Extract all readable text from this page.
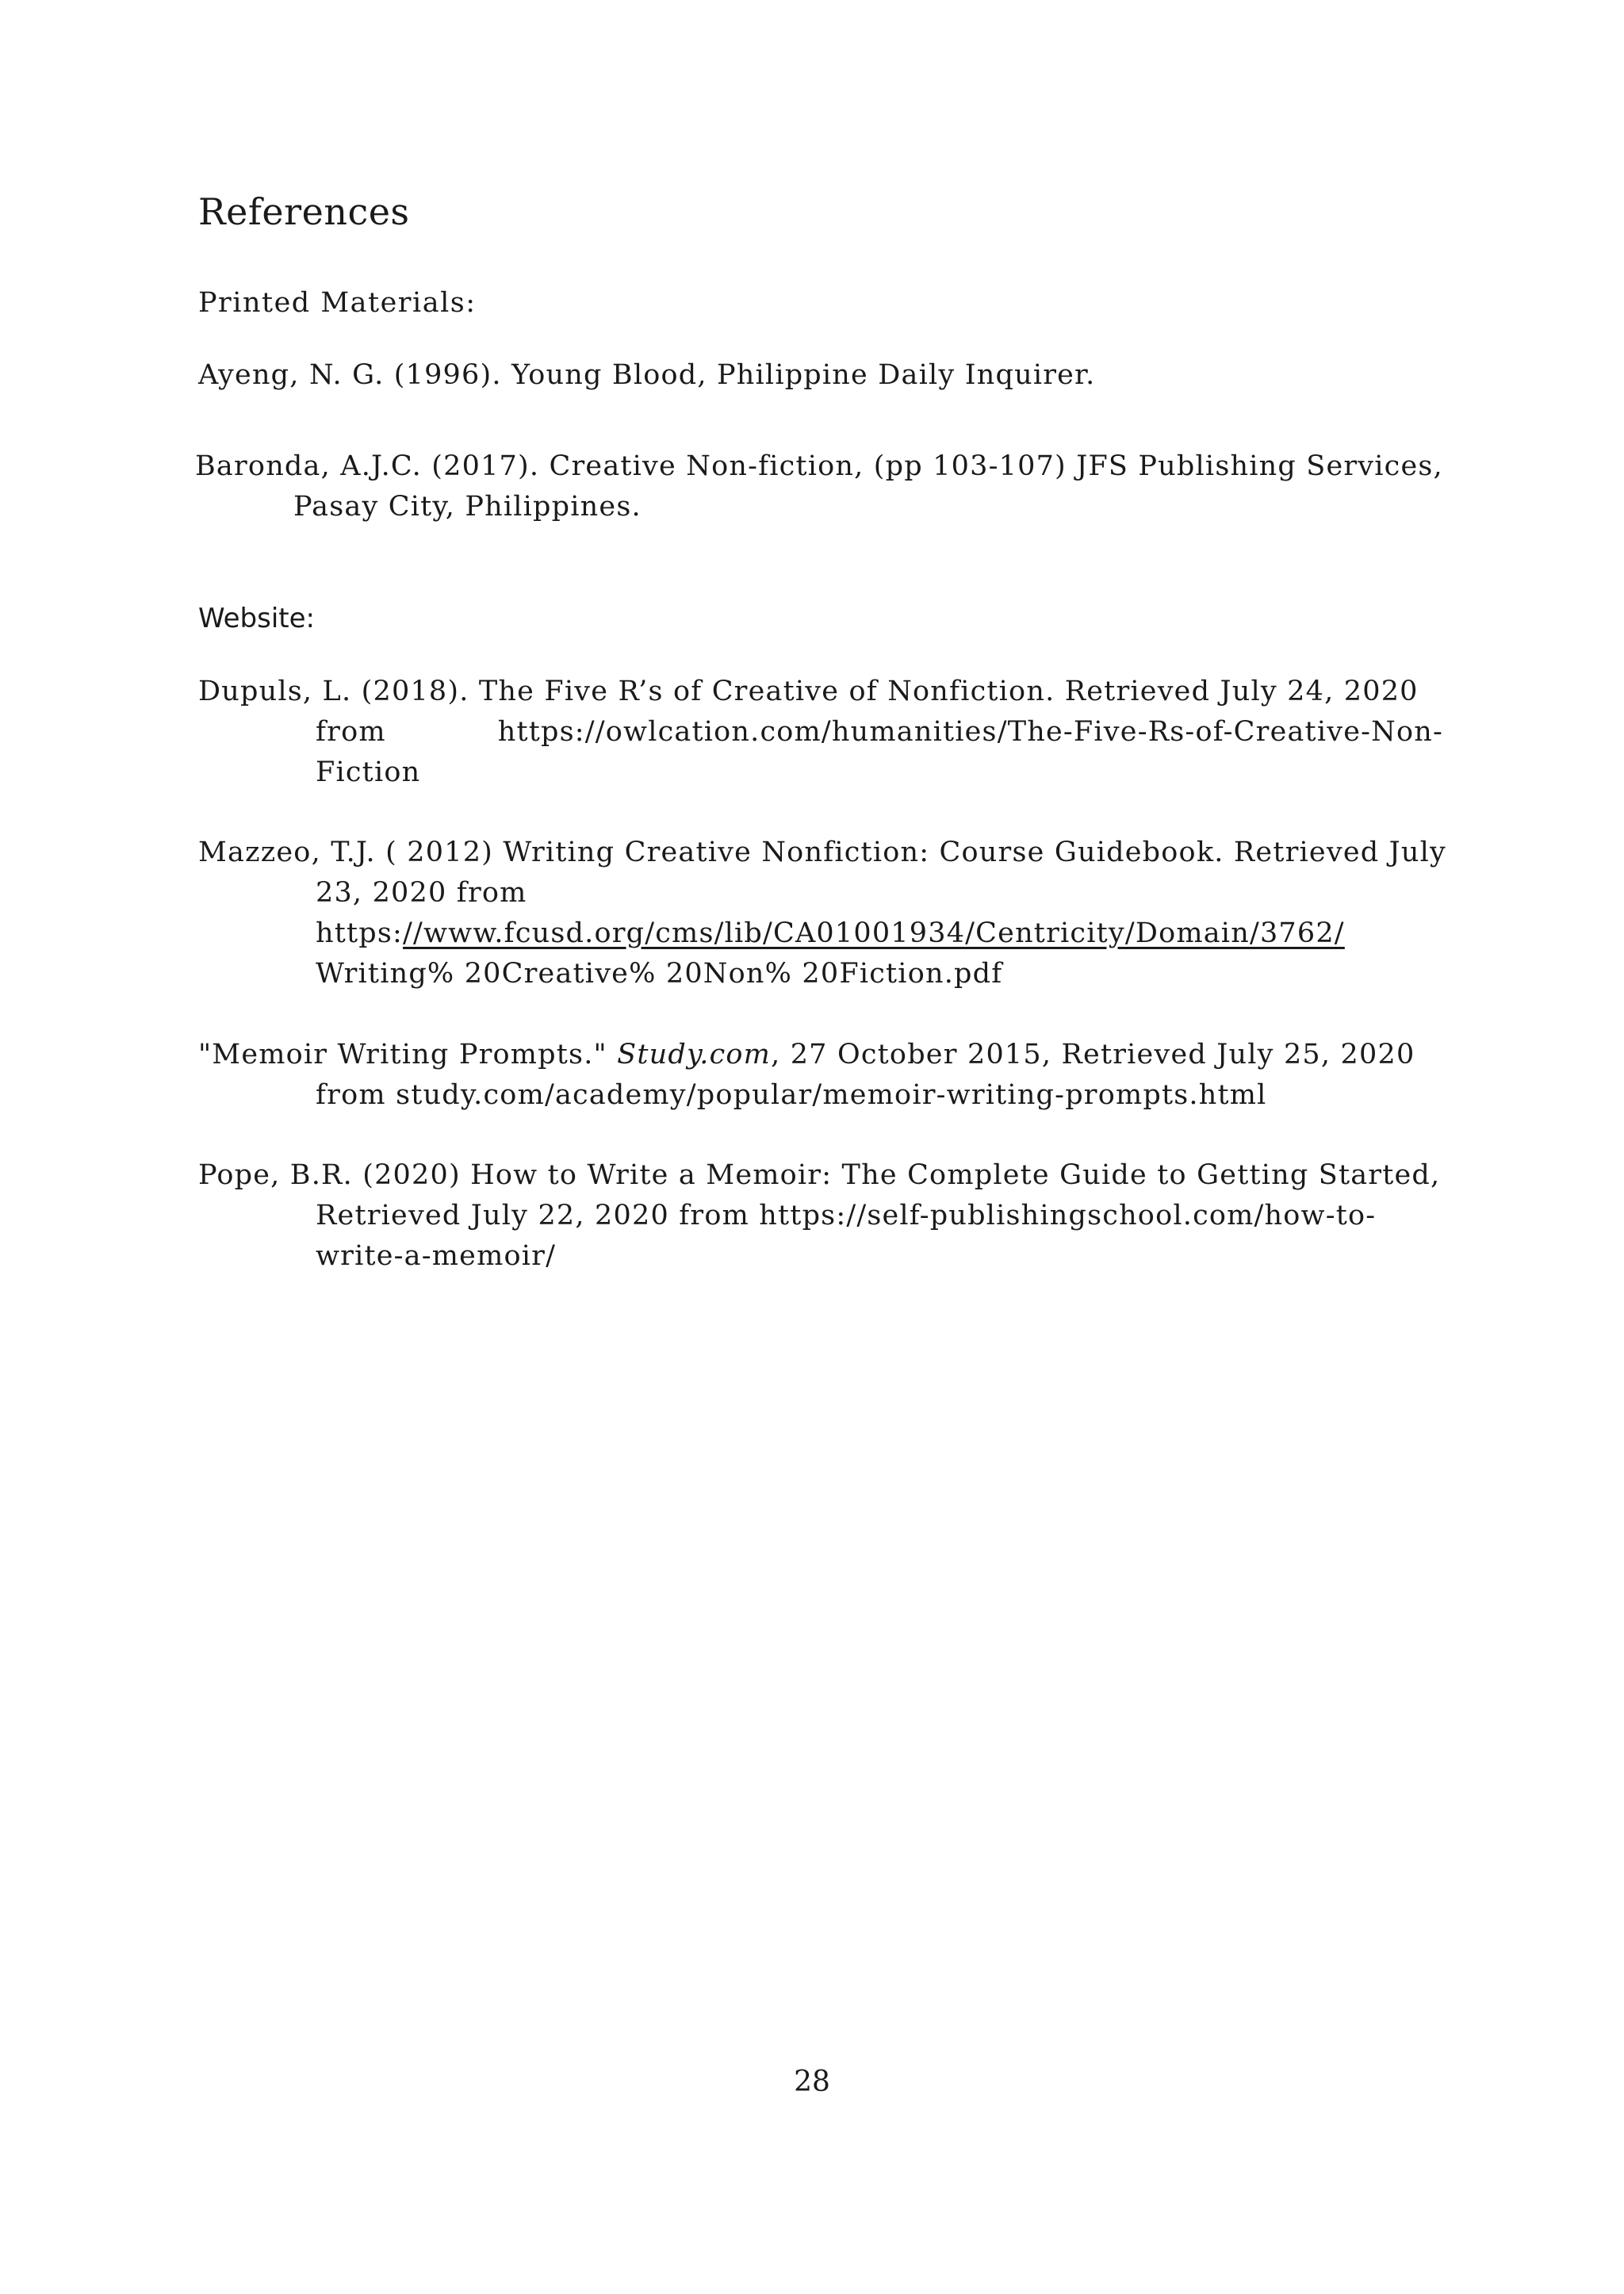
References

Printed Materials:

Ayeng, N. G. (1996). Young Blood, Philippine Daily Inquirer.

Baronda, A.J.C. (2017). Creative Non-fiction, (pp 103-107) JFS Publishing Services,
Pasay City, Philippines.

Website:

Dupuls, L. (2018). The Five R’s of Creative of Nonfiction. Retrieved July 24, 2020
from	https://owlcation.com/humanities/The-Five-Rs-of-Creative-Non-
Fiction

Mazzeo, T.J. ( 2012) Writing Creative Nonfiction: Course Guidebook. Retrieved July
23, 2020 from
https://www.fcusd.org/cms/lib/CA01001934/Centricity/Domain/3762/
Writing% 20Creative% 20Non% 20Fiction.pdf

"Memoir Writing Prompts." Study.com, 27 October 2015, Retrieved July 25, 2020
from study.com/academy/popular/memoir-writing-prompts.html

Pope, B.R. (2020) How to Write a Memoir: The Complete Guide to Getting Started,
Retrieved July 22, 2020 from https://self-publishingschool.com/how-to-
write-a-memoir/

28
